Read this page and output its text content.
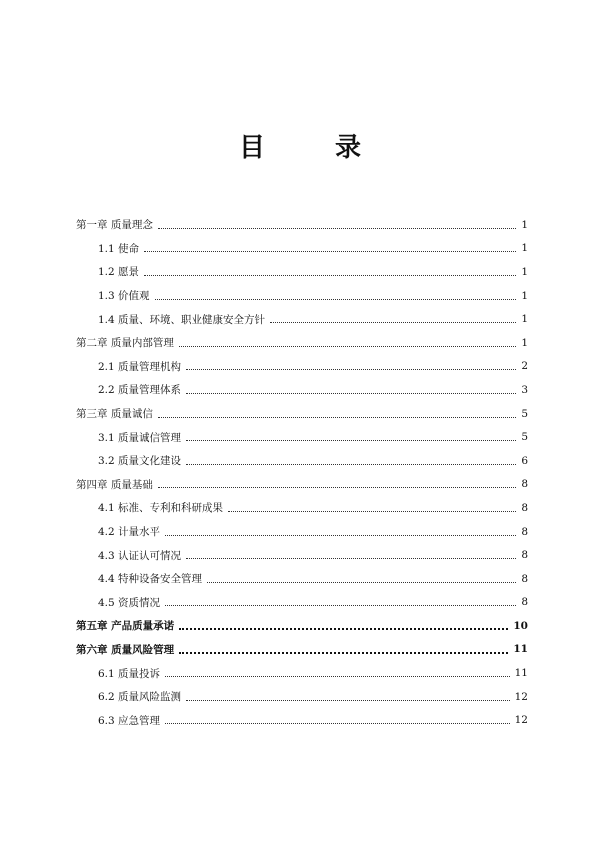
目　录
第一章 质量理念	1
1.1 使命	1
1.2 愿景	1
1.3 价值观	1
1.4 质量、环境、职业健康安全方针	1
第二章 质量内部管理	1
2.1 质量管理机构	2
2.2 质量管理体系	3
第三章 质量诚信	5
3.1 质量诚信管理	5
3.2 质量文化建设	6
第四章 质量基础	8
4.1 标准、专利和科研成果	8
4.2 计量水平	8
4.3 认证认可情况	8
4.4 特种设备安全管理	8
4.5 资质情况	8
第五章 产品质量承诺	10
第六章 质量风险管理	11
6.1 质量投诉	11
6.2 质量风险监测	12
6.3 应急管理	12
